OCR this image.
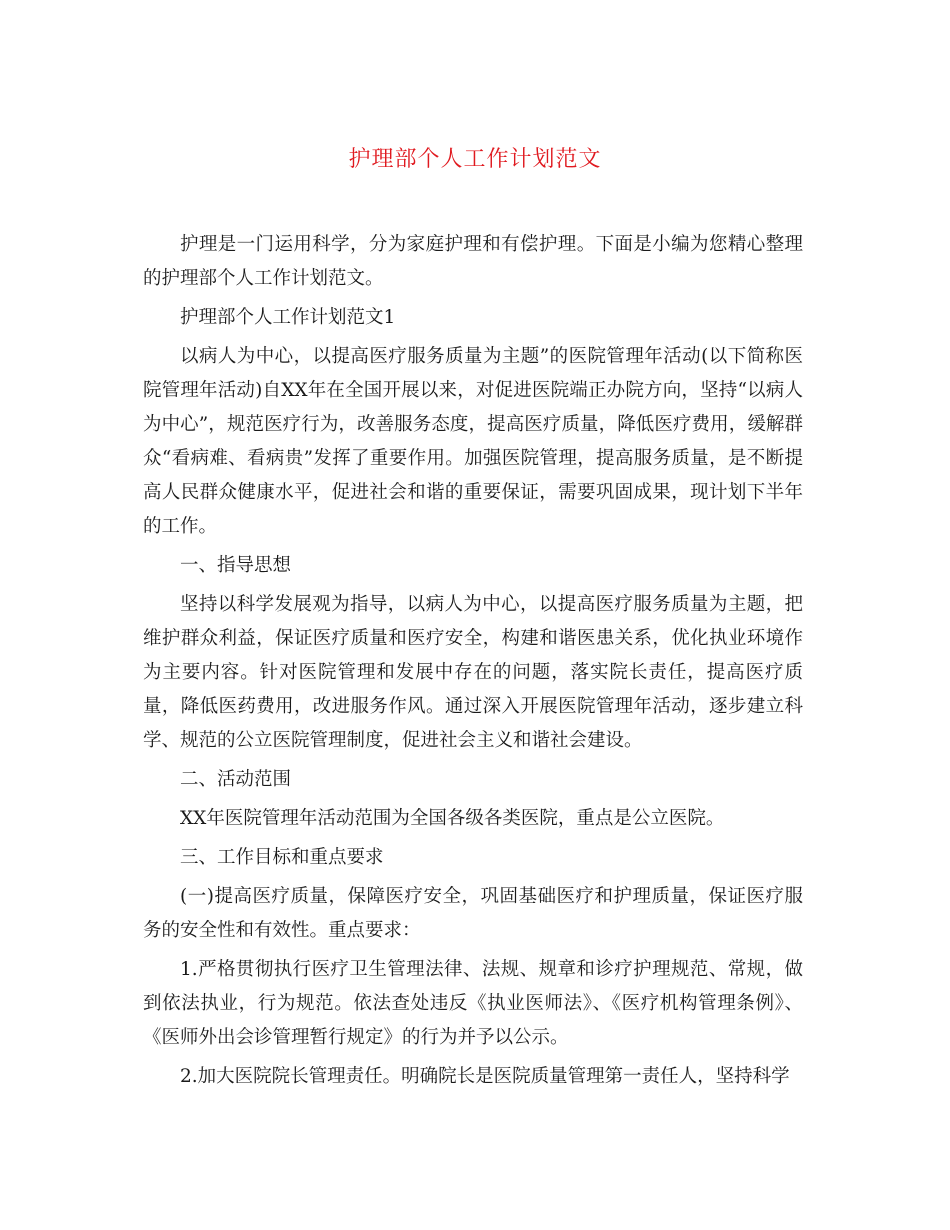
护理部个人工作计划范文

护理是一门运用科学，分为家庭护理和有偿护理。下面是小编为您精心整理的护理部个人工作计划范文。

护理部个人工作计划范文1

以病人为中心，以提高医疗服务质量为主题”的医院管理年活动(以下简称医院管理年活动)自XX年在全国开展以来，对促进医院端正办院方向，坚持“以病人为中心”，规范医疗行为，改善服务态度，提高医疗质量，降低医疗费用，缓解群众“看病难、看病贵”发挥了重要作用。加强医院管理，提高服务质量，是不断提高人民群众健康水平，促进社会和谐的重要保证，需要巩固成果，现计划下半年的工作。

一、指导思想

坚持以科学发展观为指导，以病人为中心，以提高医疗服务质量为主题，把维护群众利益，保证医疗质量和医疗安全，构建和谐医患关系，优化执业环境作为主要内容。针对医院管理和发展中存在的问题，落实院长责任，提高医疗质量，降低医药费用，改进服务作风。通过深入开展医院管理年活动，逐步建立科学、规范的公立医院管理制度，促进社会主义和谐社会建设。

二、活动范围

XX年医院管理年活动范围为全国各级各类医院，重点是公立医院。

三、工作目标和重点要求

(一)提高医疗质量，保障医疗安全，巩固基础医疗和护理质量，保证医疗服务的安全性和有效性。重点要求：

1.严格贯彻执行医疗卫生管理法律、法规、规章和诊疗护理规范、常规，做到依法执业，行为规范。依法查处违反《执业医师法》、《医疗机构管理条例》、《医师外出会诊管理暂行规定》的行为并予以公示。

2.加大医院院长管理责任。明确院长是医院质量管理第一责任人，坚持科学
